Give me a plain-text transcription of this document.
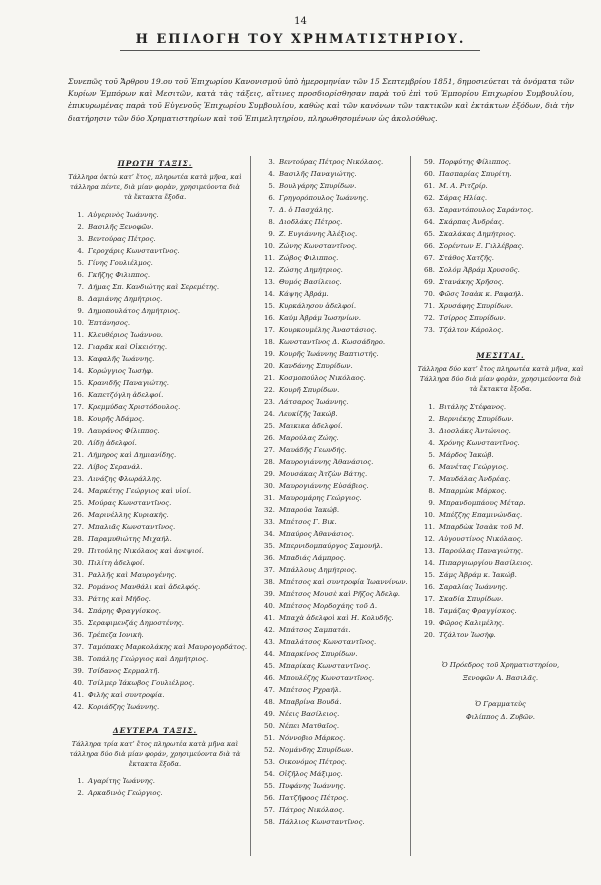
14
Η ΕΠΙΛΟΓΗ ΤΟΥ ΧΡΗΜΑΤΙΣΤΗΡΙΟΥ.
Συνεπῶς τοῦ Ἄρθρου 19.ου τοῦ Ἐπιχωρίου Κανονισμοῦ ὑπὸ ἡμερομηνίαν τῶν 15 Σεπτεμβρίου 1851, δημοσιεύεται τὰ ὀνόματα τῶν Κυρίων Ἐμπόρων καὶ Μεσιτῶν, κατὰ τὰς τάξεις, αἵτινες προσδιορίσθησαν παρὰ τοῦ ἐπὶ τοῦ Ἐμπορίου Επιχωρίου Συμβουλίου, ἐπικυρωμένας παρὰ τοῦ Εὐγενοῦς Ἐπιχωρίου Συμβουλίου, καθὼς καὶ τῶν κανόνων τῶν τακτικῶν καὶ ἐκτάκτων ἐξόδων, διὰ τὴν διατήρησιν τῶν δύο Χρηματιστηρίων καὶ τοῦ Ἐπιμελητηρίου, πληρωθησομένων ὡς ἀκολούθως.
ΠΡΩΤΗ ΤΑΞΙΣ.
Τάλληρα ὀκτὼ κατ’ ἔτος, πληρωτέα κατὰ μῆνα, καὶ τάλληρα πέντε, διὰ μίαν φορὰν, χρησιμεύοντα διὰ τὰ ἔκτακτα ἔξοδα.
1. Αὐγερινὸς Ἰωάννης.
2. Βασιλῆς Ξενοφῶν.
3. Βεντούρας Πέτρος.
4. Γεροχάρις Κωνσταντῖνος.
5. Γίνης Γουλιέλμος.
6. Γκῆζης Φιλιππος.
7. Δήμας Σπ. Κανδιώτης καὶ Σερεμέτης.
8. Δαμιάνης Δημήτριος.
9. Δημοπουλάτος Δημήτριος.
10. Ἐπτάνησος.
11. Κλευθέριος Ἰωάννου.
12. Γιαρᾶκ καὶ Οἰκειότης.
13. Καφαλῆς Ἰωάννης.
14. Κορώγγιος Ἰωσὴφ.
15. Κρανιδῆς Παναγιώτης.
16. Καπετζόγλη ἀδελφοί.
17. Κρεμμύδας Χριστόδουλος.
18. Κουρῆς Ἀδάμος.
19. Λαυράνος Φίλιππος.
20. Λίδῃ ἀδελφοί.
21. Λήμηρος καὶ Δημιανίδης.
22. Λίβος Σερανάλ.
23. Λινάζης Φλωράλλης.
24. Μαρκέτης Γεώργιος καὶ υἱοί.
25. Μούρας Κωνσταντῖνος.
26. Μαρινέλλης Κυριακὴς.
27. Μπαλιᾶς Κωνσταντῖνος.
28. Παραμυθιώτης Μιχαήλ.
29. Πιτούλης Νικόλαος καὶ ἀνεψιοί.
30. Πιλίτη ἀδελφοί.
31. Ραλλῆς καὶ Μαυρογένης.
32. Ρομάνος Μανθάλι καὶ ἀδελφός.
33. Ράτης καὶ Μήδος.
34. Σπάρης Φραγγίσκος.
35. Σεραφιμενζάς Δημοστένης.
36. Τρέπεζα Ιονικὴ.
37. Ταμόπακς Μαρκολάκης καὶ Μαυρογορδάτος.
38. Τοπάλης Γεώργιος καὶ Δημήτριος.
39. Τσίδανος Σερμαλτῆ.
40. Τσίλμερ Ἰάκωβος Γουλιέλμος.
41. Φιλὴς καὶ συντροφία.
42. Κοριάδζης Ἰωάννης.
ΔΕΥΤΕΡΑ ΤΑΞΙΣ.
Τάλληρα τρία κατ’ ἔτος πληρωτέα κατὰ μῆνα καὶ τάλληρα δύο διὰ μίαν φοράν, χρησιμεύοντα διὰ τὰ ἔκτακτα ἔξοδα.
1. Αγαρίτης Ἰωάννης.
2. Αρκαδινὸς Γεώργιος.
3. Βεντούρας Πέτρος Νικόλαος.
4. Βασιλῆς Παναγιώτης.
5. Βουλγάρης Σπυρίδων.
6. Γρηγορόπουλος Ἰωάννης.
7. Δ. ὁ Πασχάλης.
8. Διοδλάκς Πέτρος.
9. Ζ. Ευγιάννης Ἀλέξιος.
10. Ζώνης Κωνσταντῖνος.
11. Ζώβος Φιλιππος.
12. Ζώσης Δημήτριος.
13. Θυμός Βασίλειος.
14. Κάψης Ἀβράμ.
15. Κυρκάλησου ἀδελφοί.
16. Καύμ Ἀβράμ Ἰωσηνίων.
17. Κουρκουμέλης Ἀναστάσιος.
18. Κωνσταντῖνος Δ. Κωσσάδηρο.
19. Κουρῆς Ἰωάννης Βαπτιστής.
20. Κανδάνης Σπυρίδων.
21. Κοσμοπούλος Νικόλαος.
22. Κουρῆ Σπυρίδων.
23. Λάτσαρος Ἰωάννης.
24. Λευκίζῆς Ἰακώβ.
25. Μαικικα ἀδελφοί.
26. Μαρούλας Ζώης.
27. Μαυάδῆς Γεωνδής.
28. Μαυρογιάννης Ἀθανάσιος.
29. Μουσάκας Ἀτζὼν Βάτης.
30. Μαυρογιάννης Εὐσάβιος.
31. Μαυρομάρης Γεώργιος.
32. Μπαρούα Ἰακώβ.
33. Μπέτσος Γ. Βικ.
34. Μπαύρος Ἀθανάσιος.
35. Μπερνιδομπαύργος Σαμουήλ.
36. Μπαδιάς Λάμπρος.
37. Μπάλλους Δημήτριος.
38. Μπέτσος καὶ συντροφία Ἰωαννίνων.
39. Μπέτσος Μουσὲ καὶ Ρῆζος Ἀδελφ.
40. Μπέτσος Μορδοχάης τοῦ Δ.
41. Μπαχὰ ἀδελφοὶ καὶ Η. Κολυδῆς.
42. Μπάτσος Σαμπατάι.
43. Μπαλάτσος Κωνσταντῖνος.
44. Μπαρκίνος Σπυρίδων.
45. Μπαρίκας Κωνσταντῖνος.
46. Μπουλέζης Κωνσταντῖνος.
47. Μπέτσος Ρχραήλ.
48. Μπαβρίνα Βουδά.
49. Νέεις Βασίλειος.
50. Νέπει Ματθαῖος.
51. Νόννοβιο Μάρκος.
52. Νομάνδης Σπυρίδων.
53. Οικονόμος Πέτρος.
54. Οἰζῆλος Μάξιμος.
55. Πυφάνης Ἰωάννης.
56. Πατζῆφοος Πέτρος.
57. Πάτρος Νικόλαος.
58. Πάλλιος Κωνσταντῖνος.
59. Πορφύτης Φίλιππος.
60. Πασπαρίας Σπυρίτη.
61. Μ. Α. Ριτζρίρ.
62. Σάρας Ηλίας.
63. Σαραντόπουλος Σαράντος.
64. Σκάρπας Ἀνδρέας.
65. Σκαλάκας Δημήτριος.
66. Σορέντων Ε. Γιλλέβρας.
67. Στάθος Χατζῆς.
68. Σολόμ Ἀβράμ Χρυσοῦς.
69. Στανάκης Χρῆσος.
70. Φῶσς Ἰσαὰκ κ. Ραφαήλ.
71. Χρυσάφης Σπυρίδων.
72. Τσίρρος Σπυρίδων.
73. Τζάλτον Κάρολος.
ΜΕΣΙΤΑΙ.
Τάλληρα δύο κατ’ ἔτος πληρωτέα κατὰ μῆνα, καὶ Τάλληρα δύο διὰ μίαν φορὰν, χρησιμεύοντα διὰ τὰ ἔκτακτα ἔξοδα.
1. Βιτάλης Στέφανος.
2. Βερνιέκης Σπυρίδων.
3. Διοσλάκς Ἀντώνιος.
4. Χρόνης Κωνσταντῖνος.
5. Μάρδος Ἰακώβ.
6. Μανέτας Γεώργιος.
7. Μαυδάλας Ἀνδρέας.
8. Μπαρμὼκ Μάρκος.
9. Μπρανδομπάους Μέταρ.
10. Μπέζζης Επαμινώνδας.
11. Μπαρδὼκ Ἰσαὰκ τοῦ Μ.
12. Αὐγουστίνος Νικόλαος.
13. Παρούλας Παναγιώτης.
14. Πιπαργιωργίου Βασίλειος.
15. Σάμς Ἀβράμ κ. Ἰακώβ.
16. Σαραλίας Ἰωάννης.
17. Σκαδία Σπυρίδων.
18. Ταμάζας Φραγγίσκος.
19. Φῶρος Καλιμέλης.
20. Τζάλτον Ἰωσὴφ.
Ὁ Πρόεδρος τοῦ Χρηματιστηρίου,
Ξενοφῶν Α. Βασιλᾶς.
Ὁ Γραμματεὺς
Φιλίππος Δ. Ζυβῶν.
